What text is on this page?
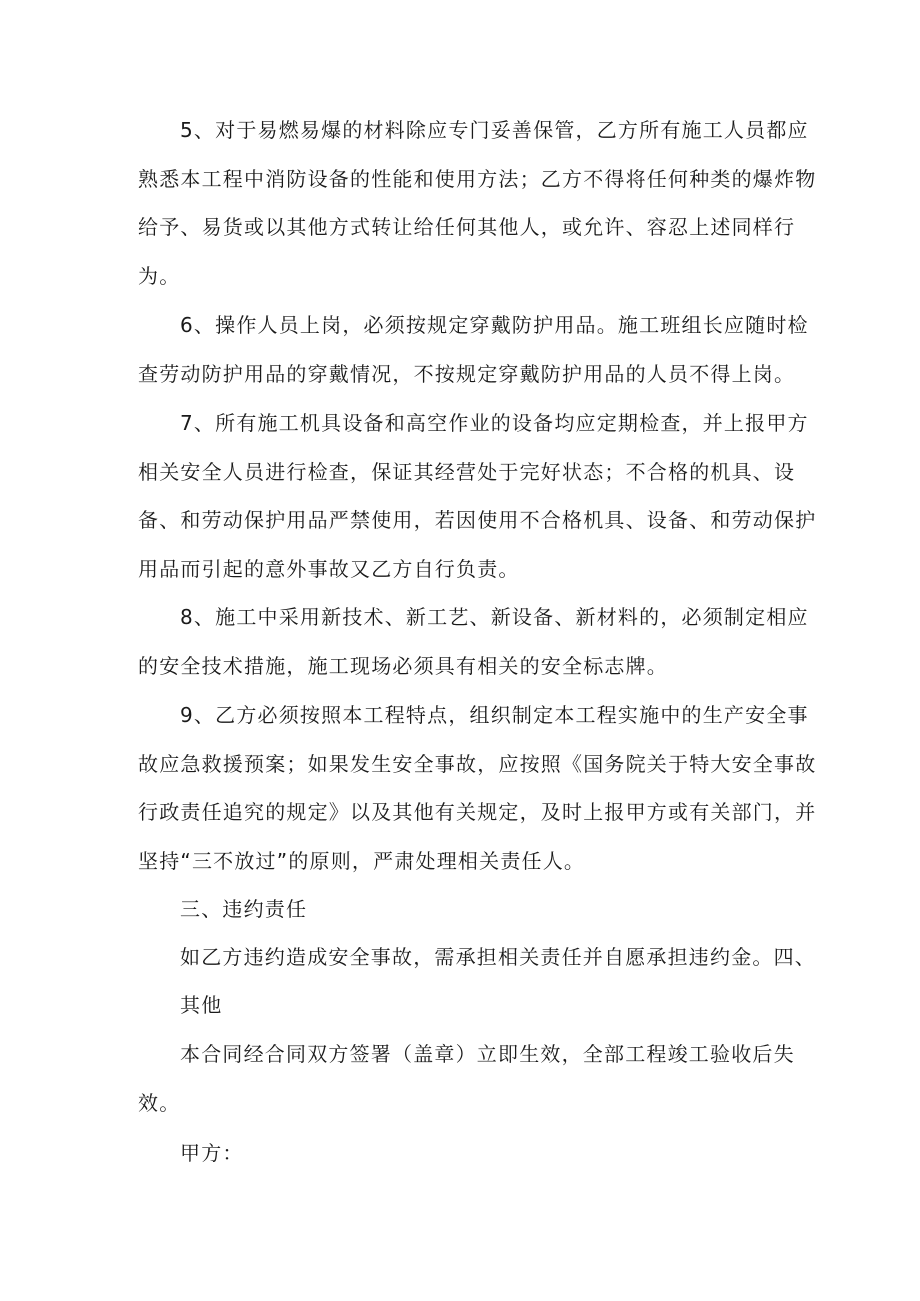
5、对于易燃易爆的材料除应专门妥善保管，乙方所有施工人员都应
熟悉本工程中消防设备的性能和使用方法；乙方不得将任何种类的爆炸物
给予、易货或以其他方式转让给任何其他人，或允许、容忍上述同样行
为。
6、操作人员上岗，必须按规定穿戴防护用品。施工班组长应随时检
查劳动防护用品的穿戴情况，不按规定穿戴防护用品的人员不得上岗。
7、所有施工机具设备和高空作业的设备均应定期检查，并上报甲方
相关安全人员进行检查，保证其经营处于完好状态；不合格的机具、设
备、和劳动保护用品严禁使用，若因使用不合格机具、设备、和劳动保护
用品而引起的意外事故又乙方自行负责。
8、施工中采用新技术、新工艺、新设备、新材料的，必须制定相应
的安全技术措施，施工现场必须具有相关的安全标志牌。
9、乙方必须按照本工程特点，组织制定本工程实施中的生产安全事
故应急救援预案；如果发生安全事故，应按照《国务院关于特大安全事故
行政责任追究的规定》以及其他有关规定，及时上报甲方或有关部门，并
坚持“三不放过”的原则，严肃处理相关责任人。
三、违约责任
如乙方违约造成安全事故，需承担相关责任并自愿承担违约金。四、
其他
本合同经合同双方签署（盖章）立即生效，全部工程竣工验收后失
效。
甲方：
